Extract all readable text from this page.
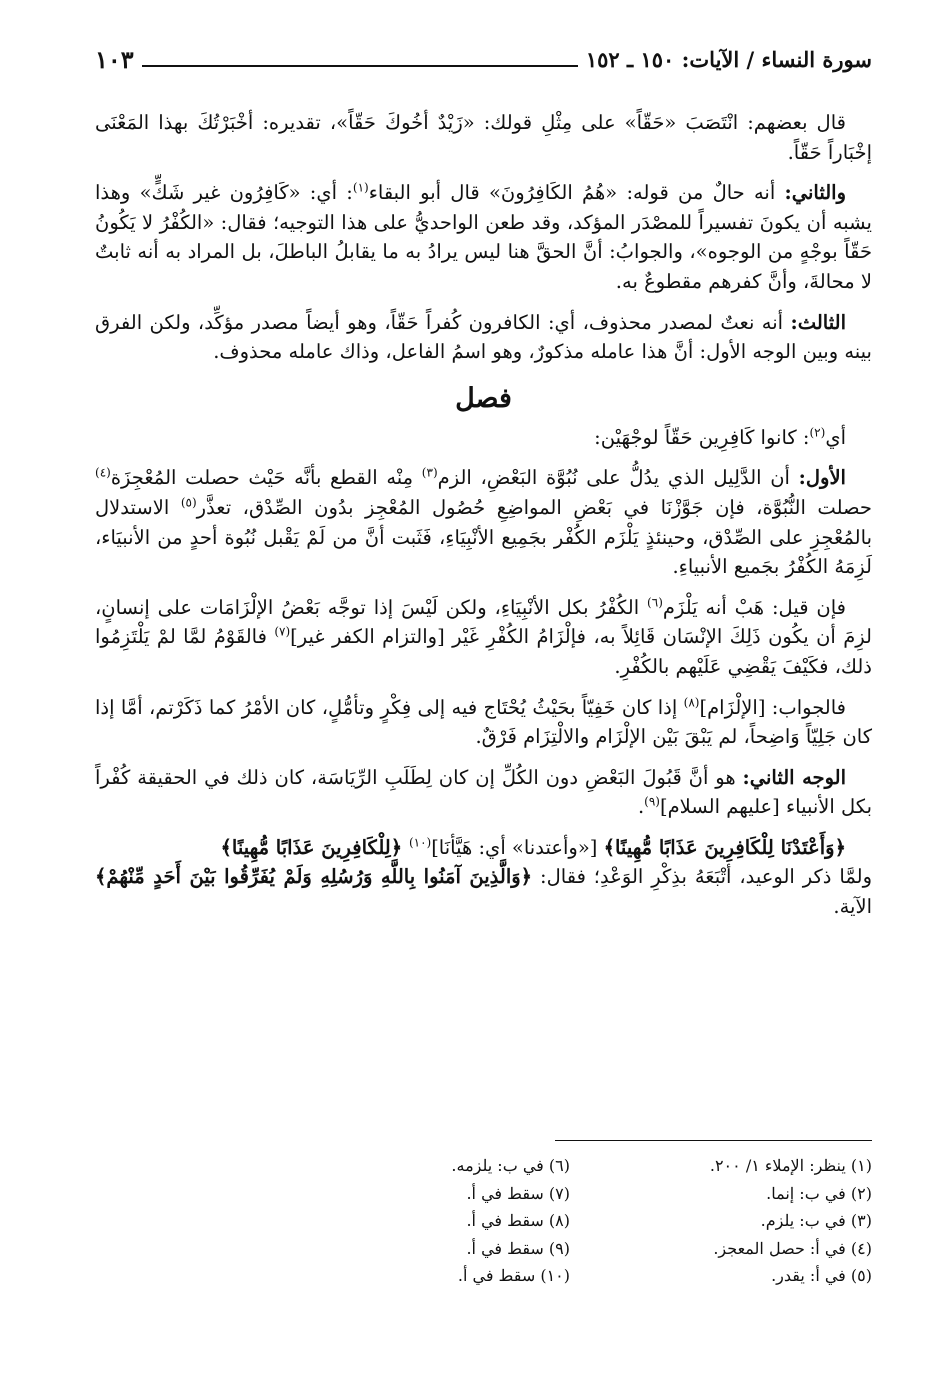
سورة النساء / الآيات: ١٥٠ ـ ١٥٢
١٠٣

قال بعضهم: انْتَصَبَ «حَقّاً» على مِثْلِ قولك: «زَيْدٌ أخُوكَ حَقّاً»، تقديره: أخْبَرْتُكَ بهذا المَعْنَى إخْبَاراً حَقّاً.

والثاني: أنه حالٌ من قوله: «هُمُ الكَافِرُونَ» قال أبو البقاء$^{(١)}$: أي: «كَافِرُون غير شَكٍّ» وهذا يشبه أن يكونَ تفسيراً للمصْدَر المؤكد، وقد طعن الواحديُّ على هذا التوجيه؛ فقال: «الكُفْرُ لا يَكُونُ حَقّاً بوجْهٍ من الوجوه»، والجوابُ: أنَّ الحقَّ هنا ليس يرادُ به ما يقابلُ الباطلَ، بل المراد به أنه ثابتٌ لا محالةَ، وأنَّ كفرهم مقطوعٌ به.

الثالث: أنه نعتٌ لمصدر محذوف، أي: الكافرون كُفراً حَقّاً، وهو أيضاً مصدر مؤكِّد، ولكن الفرق بينه وبين الوجه الأول: أنَّ هذا عامله مذكورٌ، وهو اسمُ الفاعل، وذاك عامله محذوف.

فصل

أي$^{(٢)}$: كانوا كَافِرِين حَقّاً لوجْهَيْن:

الأول: أن الدَّلِيل الذي يدُلُّ على نُبُوَّة البَعْضِ، الزم$^{(٣)}$ مِنْه القطع بأنَّه حَيْث حصلت المُعْجِزَة$^{(٤)}$ حصلت النُّبُوَّة، فإن جَوَّزْنَا في بَعْضِ المواضِعِ حُصُول المُعْجِز بدُون الصِّدْق، تعذَّر$^{(٥)}$ الاستدلال بالمُعْجِزِ على الصِّدْق، وحينئذٍ يَلْزَم الكُفْر بجَمِيع الأنْبِيَاءِ، فَثَبت أنَّ من لَمْ يَقْبل نُبُوة أحدٍ من الأنبيَاء، لَزِمَهُ الكُفْرُ بجَميع الأنبياءِ.

فإن قيل: هَبْ أنه يَلْزَم$^{(٦)}$ الكُفْرُ بكل الأنْبِيَاءِ، ولكن لَيْسَ إذا توجَّه بَعْضُ الإلْزَامَات على إنسانٍ، لزِمَ أن يكُون ذَلِكَ الإنْسَان قَائِلاً به، فإلْزَامُ الكُفْرِ غَيْر [والتزام الكفر غير]$^{(٧)}$ فالقَوْمُ لمَّا لمْ يَلْتَزِمُوا ذلك، فكَيْفَ يَقْضِي عَلَيْهم بالكُفْرِ.

فالجواب: [الإلْزَام]$^{(٨)}$ إذا كان خَفِيّاً بحَيْثُ يُحْتَاج فيه إلى فِكْرٍ وتأمُّلٍ، كان الأمْرُ كما ذَكَرْتم، أمَّا إذا كان جَلِيّاً وَاضِحاً، لم يَبْقَ بَيْن الإلْزَام والالْتِزَام فَرْقٌ.

الوجه الثاني: هو أنَّ قَبُولَ البَعْضِ دون الكُلِّ إن كان لِطَلَبِ الرِّيَاسَة، كان ذلك في الحقيقة كُفْراً بكل الأنبياء [عليهم السلام]$^{(٩)}$.

﴿وَأَعْتَدْنَا لِلْكَافِرِينَ عَذَابًا مُّهِينًا﴾ [«وأعتدنا» أي: هَيَّأنَا]$^{(١٠)}$ ﴿لِلْكَافِرِينَ عَذَابًا مُّهِينًا﴾

ولمَّا ذكر الوعيد، أتْبَعَهُ بذِكْرِ الوَعْدِ؛ فقال: ﴿وَالَّذِينَ آمَنُوا بِاللَّهِ وَرُسُلِهِ وَلَمْ يُفَرِّقُوا بَيْنَ أَحَدٍ مِّنْهُمْ﴾ الآية.

(١) ينظر: الإملاء ١/ ٢٠٠.
(٢) في ب: إنما.
(٣) في ب: يلزم.
(٤) في أ: حصل المعجز.
(٥) في أ: يقدر.
(٦) في ب: يلزمه.
(٧) سقط في أ.
(٨) سقط في أ.
(٩) سقط في أ.
(١٠) سقط في أ.
